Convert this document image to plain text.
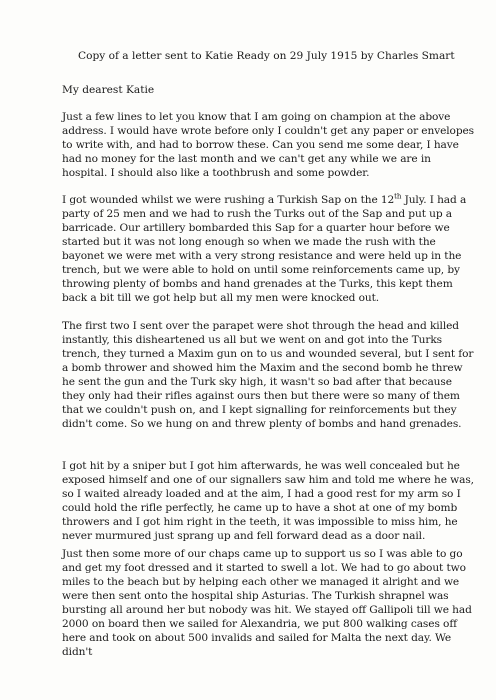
Copy of a letter sent to Katie Ready on 29 July 1915 by Charles Smart
My dearest Katie
Just a few lines to let you know that I am going on champion at the above address. I would have wrote before only I couldn't get any paper or envelopes to write with, and had to borrow these. Can you send me some dear, I have had no money for the last month and we can't get any while we are in hospital. I should also like a toothbrush and some powder.
I got wounded whilst we were rushing a Turkish Sap on the 12th July. I had a party of 25 men and we had to rush the Turks out of the Sap and put up a barricade. Our artillery bombarded this Sap for a quarter hour before we started but it was not long enough so when we made the rush with the bayonet we were met with a very strong resistance and were held up in the trench, but we were able to hold on until some reinforcements came up, by throwing plenty of bombs and hand grenades at the Turks, this kept them back a bit till we got help but all my men were knocked out.
The first two I sent over the parapet were shot through the head and killed instantly, this disheartened us all but we went on and got into the Turks trench, they turned a Maxim gun on to us and wounded several, but I sent for a bomb thrower and showed him the Maxim and the second bomb he threw he sent the gun and the Turk sky high, it wasn't so bad after that because they only had their rifles against ours then but there were so many of them that we couldn't push on, and I kept signalling for reinforcements but they didn't come. So we hung on and threw plenty of bombs and hand grenades.
I got hit by a sniper but I got him afterwards, he was well concealed but he exposed himself and one of our signallers saw him and told me where he was, so I waited already loaded and at the aim, I had a good rest for my arm so I could hold the rifle perfectly, he came up to have a shot at one of my bomb throwers and I got him right in the teeth, it was impossible to miss him, he never murmured just sprang up and fell forward dead as a door nail.
Just then some more of our chaps came up to support us so I was able to go and get my foot dressed and it started to swell a lot. We had to go about two miles to the beach but by helping each other we managed it alright and we were then sent onto the hospital ship Asturias. The Turkish shrapnel was bursting all around her but nobody was hit. We stayed off Gallipoli till we had 2000 on board then we sailed for Alexandria, we put 800 walking cases off here and took on about 500 invalids and sailed for Malta the next day. We didn't
